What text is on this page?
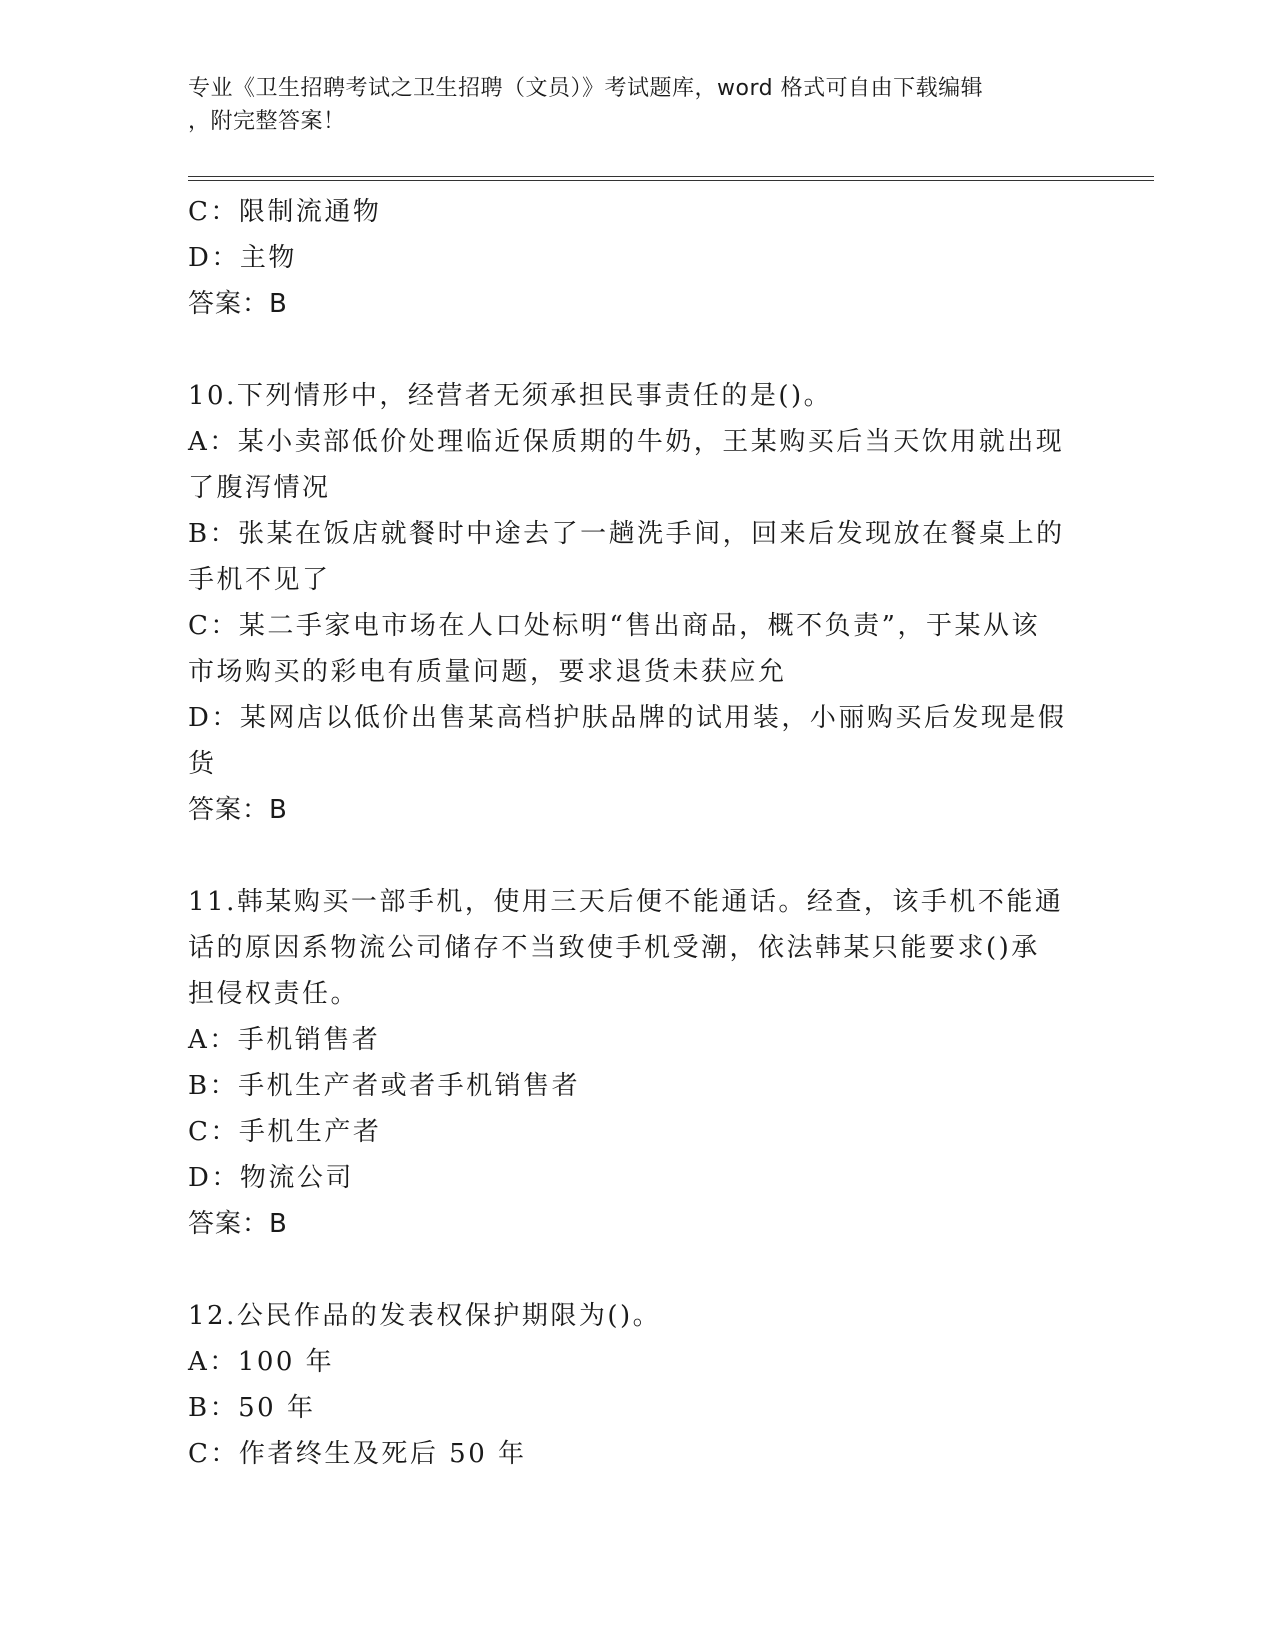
专业《卫生招聘考试之卫生招聘（文员）》考试题库，word 格式可自由下载编辑
，附完整答案！
C：限制流通物
D：主物
答案：B
10.下列情形中，经营者无须承担民事责任的是()。
A：某小卖部低价处理临近保质期的牛奶，王某购买后当天饮用就出现
了腹泻情况
B：张某在饭店就餐时中途去了一趟洗手间，回来后发现放在餐桌上的
手机不见了
C：某二手家电市场在人口处标明“售出商品，概不负责”，于某从该
市场购买的彩电有质量问题，要求退货未获应允
D：某网店以低价出售某高档护肤品牌的试用装，小丽购买后发现是假
货
答案：B
11.韩某购买一部手机，使用三天后便不能通话。经查，该手机不能通
话的原因系物流公司储存不当致使手机受潮，依法韩某只能要求()承
担侵权责任。
A：手机销售者
B：手机生产者或者手机销售者
C：手机生产者
D：物流公司
答案：B
12.公民作品的发表权保护期限为()。
A：100 年
B：50 年
C：作者终生及死后 50 年
